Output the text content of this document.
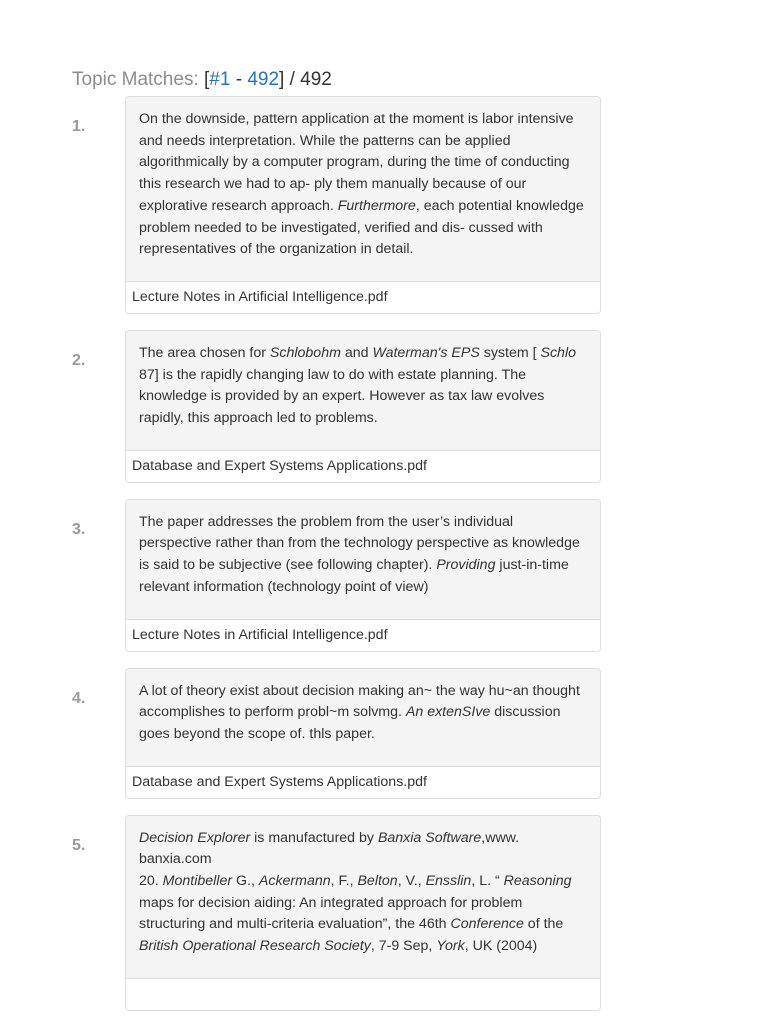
Topic Matches: [#1 - 492] / 492
1.	On the downside, pattern application at the moment is labor intensive and needs interpretation. While the patterns can be applied algorithmically by a computer program, during the time of conducting this research we had to ap- ply them manually because of our explorative research approach. Furthermore, each potential knowledge problem needed to be investigated, verified and dis- cussed with representatives of the organization in detail.
Lecture Notes in Artificial Intelligence.pdf
2.	The area chosen for Schlobohm and Waterman's EPS system [ Schlo 87] is the rapidly changing law to do with estate planning. The knowledge is provided by an expert. However as tax law evolves rapidly, this approach led to problems.
Database and Expert Systems Applications.pdf
3.	The paper addresses the problem from the user’s individual perspective rather than from the technology perspective as knowledge is said to be subjective (see following chapter). Providing just-in-time relevant information (technology point of view)
Lecture Notes in Artificial Intelligence.pdf
4.	A lot of theory exist about decision making an~ the way hu~an thought accomplishes to perform probl~m solvmg. An extenSIve discussion goes beyond the scope of. thls paper.
Database and Expert Systems Applications.pdf
5.	Decision Explorer is manufactured by Banxia Software,www. banxia.com
20. Montibeller G., Ackermann, F., Belton, V., Ensslin, L. “ Reasoning maps for decision aiding: An integrated approach for problem structuring and multi-criteria evaluation”, the 46th Conference of the British Operational Research Society, 7-9 Sep, York, UK (2004)
